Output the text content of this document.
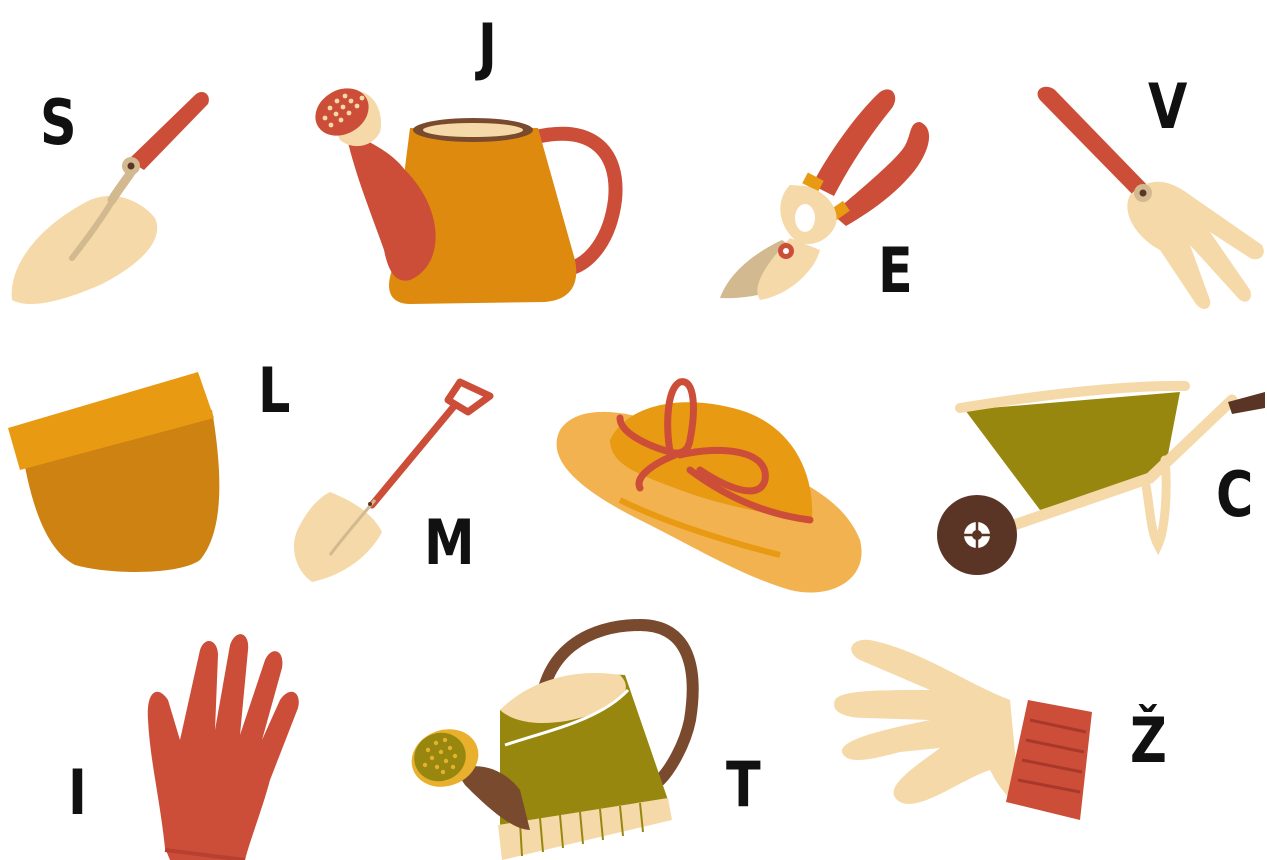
S
J
E
V
L
M
C
I	T
Ž
